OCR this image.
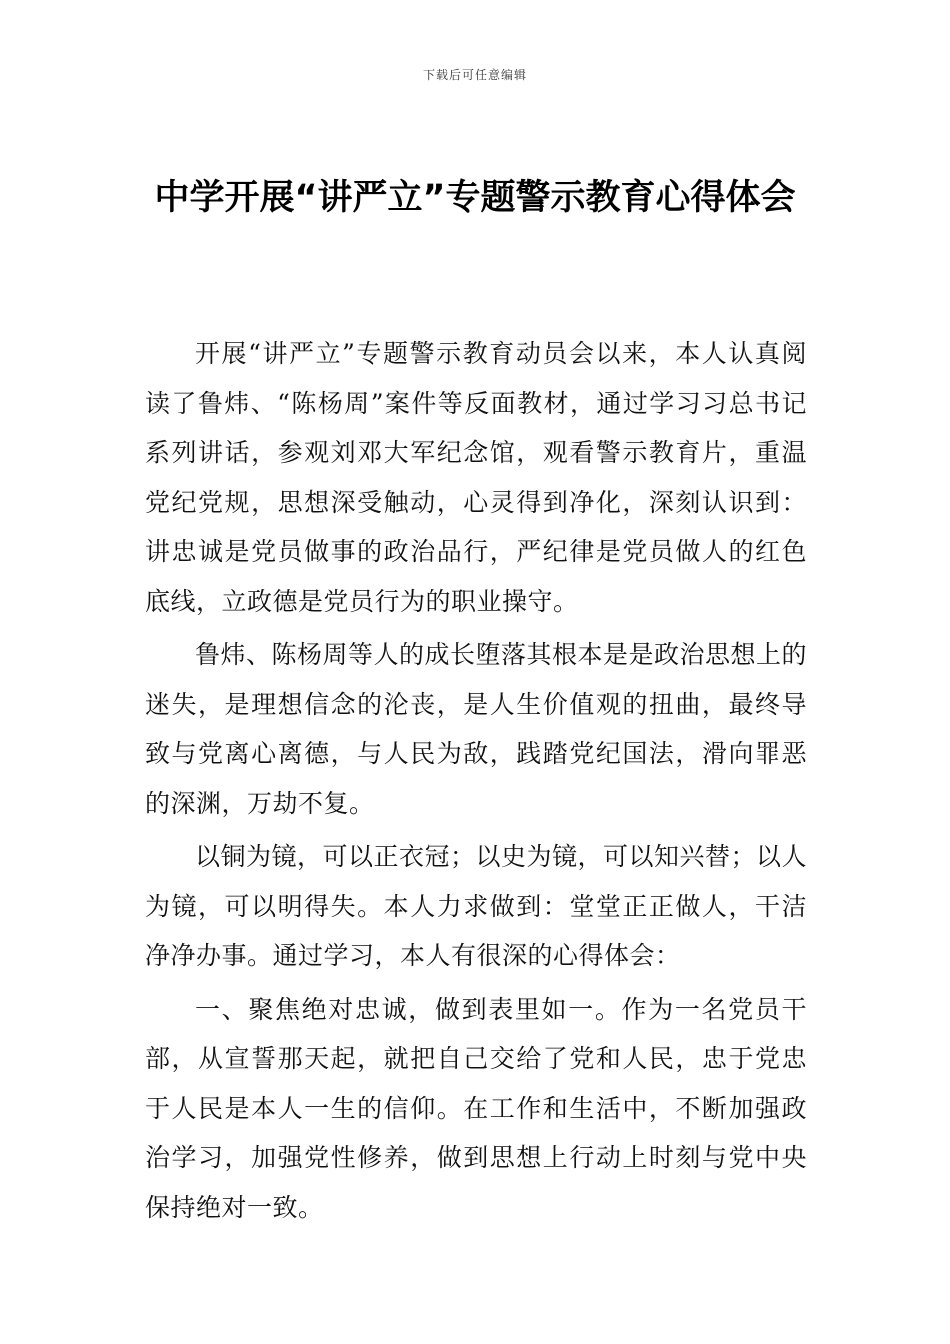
下载后可任意编辑
中学开展“讲严立”专题警示教育心得体会

开展“讲严立”专题警示教育动员会以来，本人认真阅读了鲁炜、“陈杨周”案件等反面教材，通过学习习总书记系列讲话，参观刘邓大军纪念馆，观看警示教育片，重温党纪党规，思想深受触动，心灵得到净化，深刻认识到：讲忠诚是党员做事的政治品行，严纪律是党员做人的红色底线，立政德是党员行为的职业操守。

鲁炜、陈杨周等人的成长堕落其根本是是政治思想上的迷失，是理想信念的沦丧，是人生价值观的扭曲，最终导致与党离心离德，与人民为敌，践踏党纪国法，滑向罪恶的深渊，万劫不复。

以铜为镜，可以正衣冠；以史为镜，可以知兴替；以人为镜，可以明得失。本人力求做到：堂堂正正做人，干洁净净办事。通过学习，本人有很深的心得体会：

一、聚焦绝对忠诚，做到表里如一。作为一名党员干部，从宣誓那天起，就把自己交给了党和人民，忠于党忠于人民是本人一生的信仰。在工作和生活中，不断加强政治学习，加强党性修养，做到思想上行动上时刻与党中央保持绝对一致。
